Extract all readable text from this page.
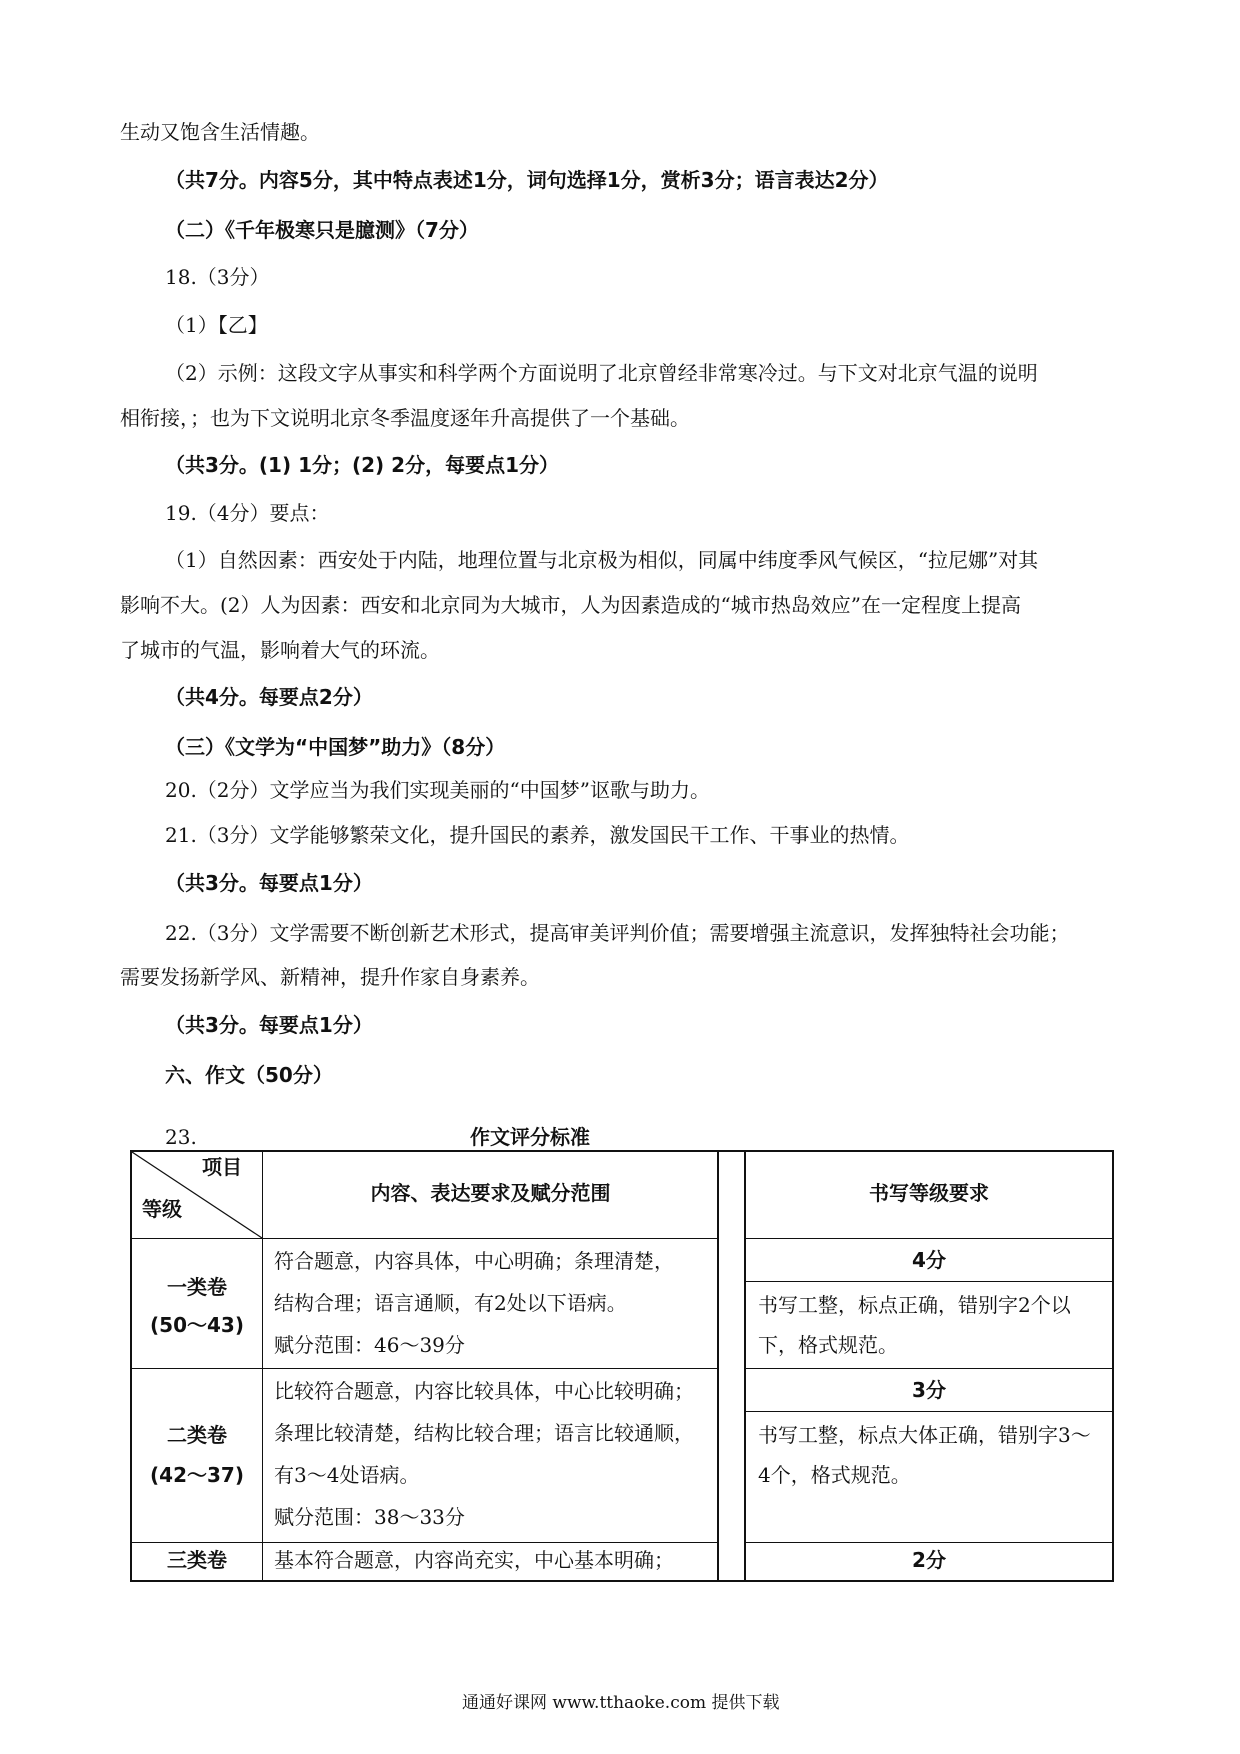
生动又饱含生活情趣。
（共7分。内容5分，其中特点表述1分，词句选择1分，赏析3分；语言表达2分）
（二）《千年极寒只是臆测》（7分）
18.（3分）
（1）【乙】
（2）示例：这段文字从事实和科学两个方面说明了北京曾经非常寒冷过。与下文对北京气温的说明
相衔接，；也为下文说明北京冬季温度逐年升高提供了一个基础。
（共3分。(1) 1分；(2) 2分，每要点1分）
19.（4分）要点：
（1）自然因素：西安处于内陆，地理位置与北京极为相似，同属中纬度季风气候区，“拉尼娜”对其
影响不大。(2）人为因素：西安和北京同为大城市，人为因素造成的“城市热岛效应”在一定程度上提高
了城市的气温，影响着大气的环流。
（共4分。每要点2分）
（三）《文学为“中国梦”助力》（8分）
20.（2分）文学应当为我们实现美丽的“中国梦”讴歌与助力。
21.（3分）文学能够繁荣文化，提升国民的素养，激发国民干工作、干事业的热情。
（共3分。每要点1分）
22.（3分）文学需要不断创新艺术形式，提高审美评判价值；需要增强主流意识，发挥独特社会功能；
需要发扬新学风、新精神，提升作家自身素养。
（共3分。每要点1分）
六、作文（50分）
23.	作文评分标准
项目
等级
内容、表达要求及赋分范围
一类卷
(50～43)
符合题意，内容具体，中心明确；条理清楚，
结构合理；语言通顺，有2处以下语病。
赋分范围：46～39分
二类卷
(42～37)
比较符合题意，内容比较具体，中心比较明确；
条理比较清楚，结构比较合理；语言比较通顺，
有3～4处语病。
赋分范围：38～33分
三类卷	基本符合题意，内容尚充实，中心基本明确；
书写等级要求
4分
书写工整，标点正确，错别字2个以
下，格式规范。
3分
书写工整，标点大体正确，错别字3～
4个，格式规范。
2分
通通好课网 www.tthaoke.com 提供下载
